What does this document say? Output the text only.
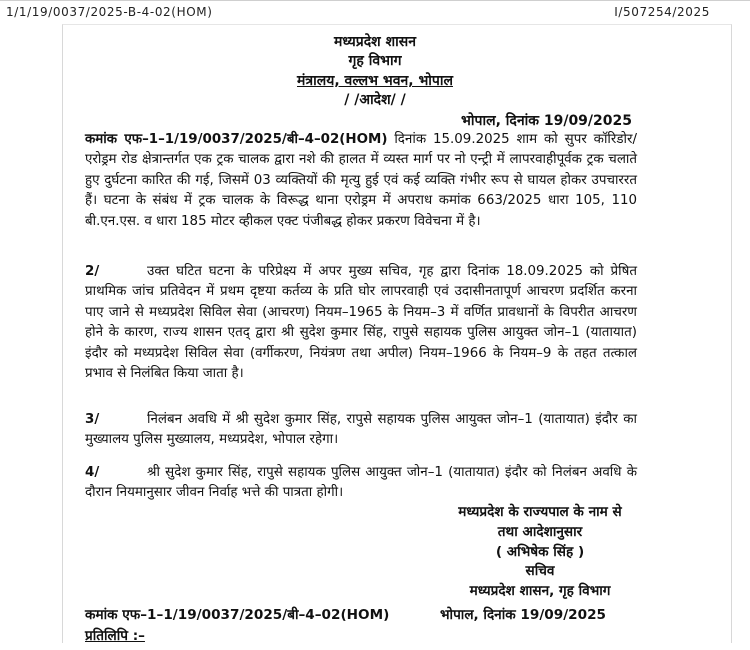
1/1/19/0037/2025-B-4-02(HOM)	I/507254/2025
मध्यप्रदेश शासन
गृह विभाग
मंत्रालय, वल्लभ भवन, भोपाल
/ /आदेश/ /
भोपाल, दिनांक 19/09/2025
कमांक एफ–1–1/19/0037/2025/बी–4–02(HOM) दिनांक 15.09.2025 शाम को सुपर कॉरिडोर/एरोड्रम रोड क्षेत्रान्तर्गत एक ट्रक चालक द्वारा नशे की हालत में व्यस्त मार्ग पर नो एन्ट्री में लापरवाहीपूर्वक ट्रक चलाते हुए दुर्घटना कारित की गई, जिसमें 03 व्यक्तियों की मृत्यु हुई एवं कई व्यक्ति गंभीर रूप से घायल होकर उपचाररत हैं। घटना के संबंध में ट्रक चालक के विरूद्ध थाना एरोड्रम में अपराध कमांक 663/2025 धारा 105, 110 बी.एन.एस. व धारा 185 मोटर व्हीकल एक्ट पंजीबद्ध होकर प्रकरण विवेचना में है।
2/	उक्त घटित घटना के परिप्रेक्ष्य में अपर मुख्य सचिव, गृह द्वारा दिनांक 18.09.2025 को प्रेषित प्राथमिक जांच प्रतिवेदन में प्रथम दृष्टया कर्तव्य के प्रति घोर लापरवाही एवं उदासीनतापूर्ण आचरण प्रदर्शित करना पाए जाने से मध्यप्रदेश सिविल सेवा (आचरण) नियम–1965 के नियम–3 में वर्णित प्रावधानों के विपरीत आचरण होने के कारण, राज्य शासन एतद् द्वारा श्री सुदेश कुमार सिंह, रापुसे सहायक पुलिस आयुक्त जोन–1 (यातायात) इंदौर को मध्यप्रदेश सिविल सेवा (वर्गीकरण, नियंत्रण तथा अपील) नियम–1966 के नियम–9 के तहत तत्काल प्रभाव से निलंबित किया जाता है।
3/	निलंबन अवधि में श्री सुदेश कुमार सिंह, रापुसे सहायक पुलिस आयुक्त जोन–1 (यातायात) इंदौर का मुख्यालय पुलिस मुख्यालय, मध्यप्रदेश, भोपाल रहेगा।
4/	श्री सुदेश कुमार सिंह, रापुसे सहायक पुलिस आयुक्त जोन–1 (यातायात) इंदौर को निलंबन अवधि के दौरान नियमानुसार जीवन निर्वाह भत्ते की पात्रता होगी।
मध्यप्रदेश के राज्यपाल के नाम से
तथा आदेशानुसार
( अभिषेक सिंह )
सचिव
मध्यप्रदेश शासन, गृह विभाग
कमांक एफ–1–1/19/0037/2025/बी–4–02(HOM)	भोपाल, दिनांक 19/09/2025
प्रतिलिपि :–
